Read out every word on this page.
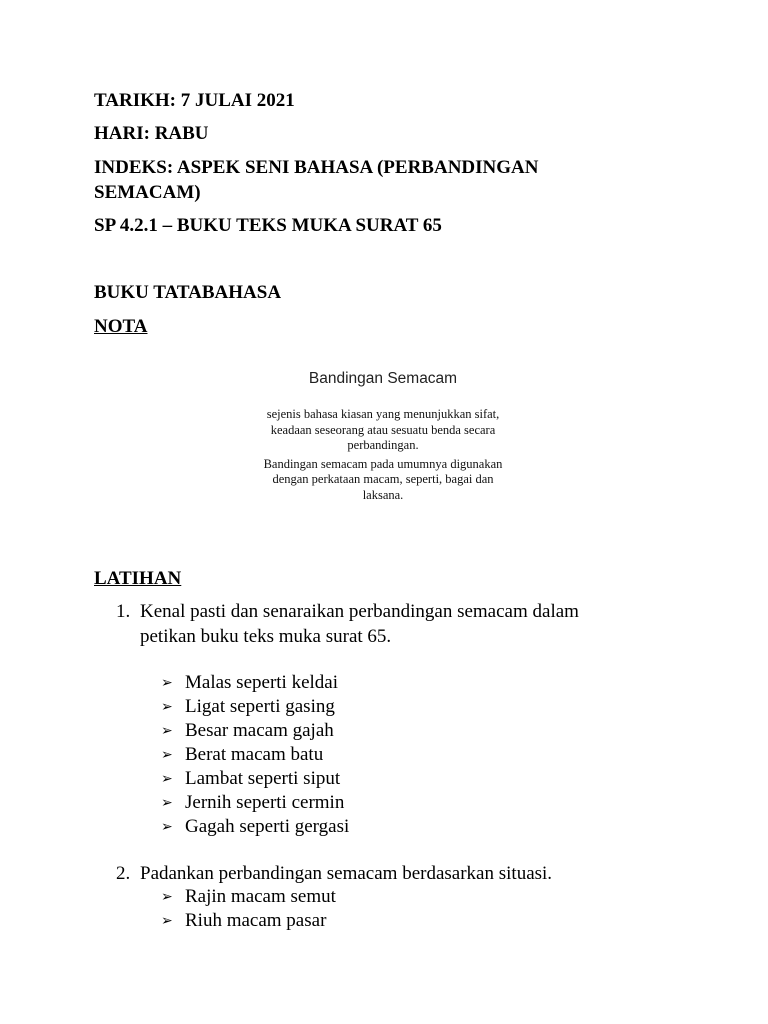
TARIKH: 7 JULAI 2021

HARI: RABU

INDEKS: ASPEK SENI BAHASA (PERBANDINGAN

SEMACAM)

SP 4.2.1 – BUKU TEKS MUKA SURAT 65

BUKU TATABAHASA

NOTA

Bandingan Semacam
sejenis bahasa kiasan yang menunjukkan sifat, keadaan seseorang atau sesuatu benda secara perbandingan.
Bandingan semacam pada umumnya digunakan dengan perkataan macam, seperti, bagai dan laksana.

LATIHAN

1. Kenal pasti dan senaraikan perbandingan semacam dalam petikan buku teks muka surat 65.
➢ Malas seperti keldai
➢ Ligat seperti gasing
➢ Besar macam gajah
➢ Berat macam batu
➢ Lambat seperti siput
➢ Jernih seperti cermin
➢ Gagah seperti gergasi
2. Padankan perbandingan semacam berdasarkan situasi.
➢ Rajin macam semut
➢ Riuh macam pasar
